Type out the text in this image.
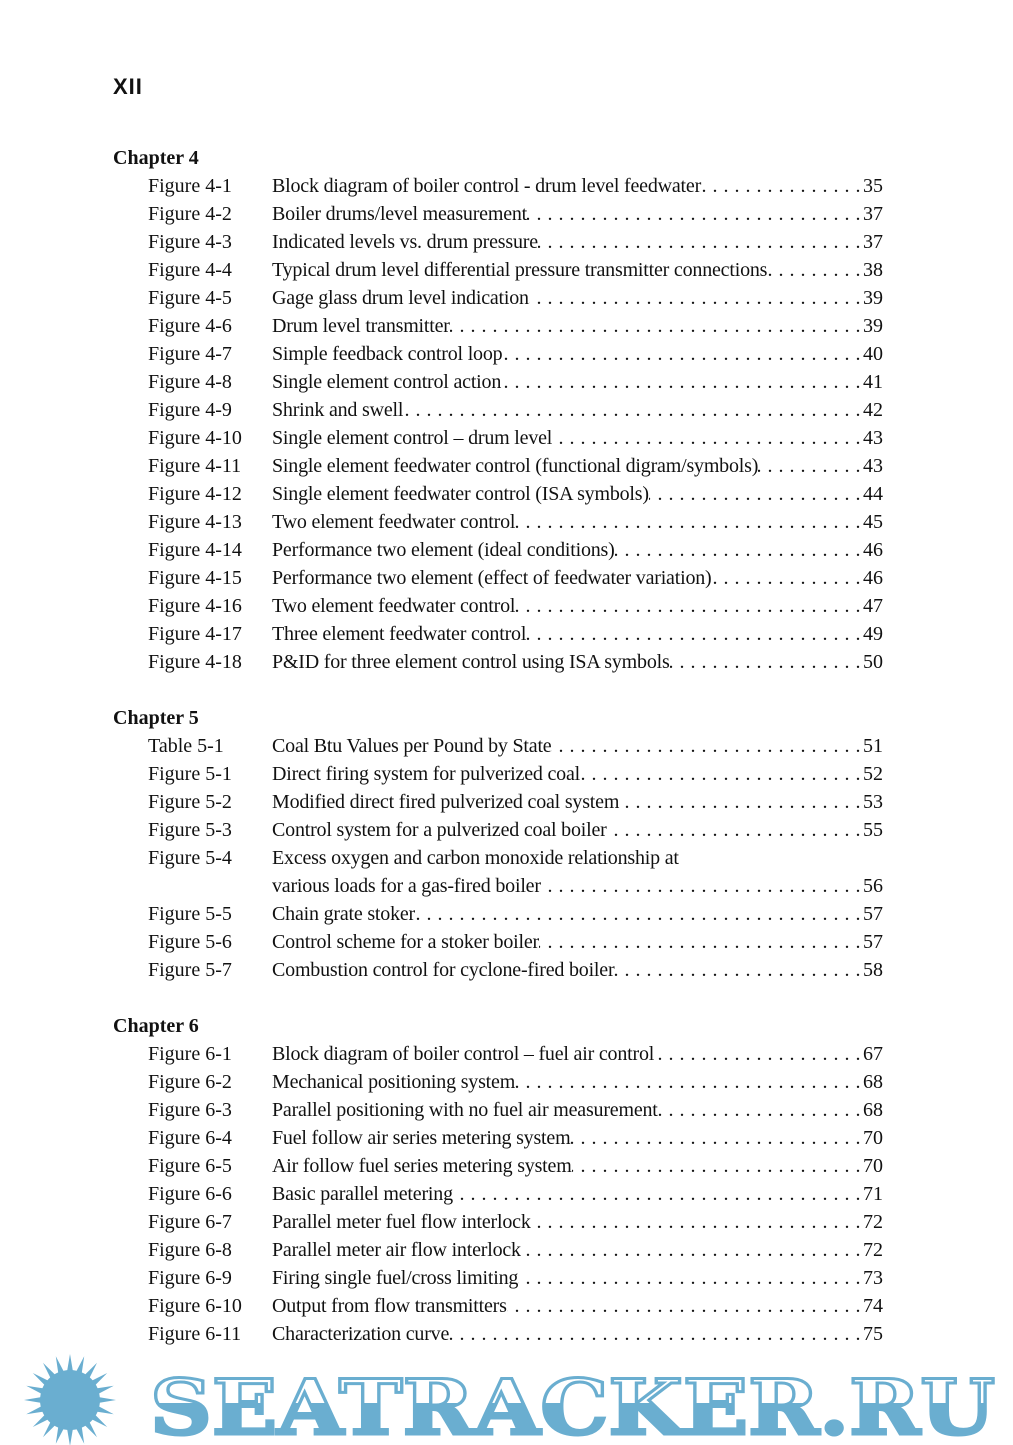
XII
Chapter 4
Figure 4-1	Block diagram of boiler control - drum level feedwater . . .	35
Figure 4-2	Boiler drums/level measurement . . .	37
Figure 4-3	Indicated levels vs. drum pressure . . .	37
Figure 4-4	Typical drum level differential pressure transmitter connections . . .	38
Figure 4-5	Gage glass drum level indication . . .	39
Figure 4-6	Drum level transmitter . . .	39
Figure 4-7	Simple feedback control loop . . .	40
Figure 4-8	Single element control action . . .	41
Figure 4-9	Shrink and swell . . .	42
Figure 4-10	Single element control – drum level . . .	43
Figure 4-11	Single element feedwater control (functional digram/symbols) . . .	43
Figure 4-12	Single element feedwater control (ISA symbols) . . .	44
Figure 4-13	Two element feedwater control . . .	45
Figure 4-14	Performance two element (ideal conditions) . . .	46
Figure 4-15	Performance two element (effect of feedwater variation) . . .	46
Figure 4-16	Two element feedwater control . . .	47
Figure 4-17	Three element feedwater control . . .	49
Figure 4-18	P&ID for three element control using ISA symbols . . .	50
Chapter 5
Table 5-1	Coal Btu Values per Pound by State . . .	51
Figure 5-1	Direct firing system for pulverized coal . . .	52
Figure 5-2	Modified direct fired pulverized coal system . . .	53
Figure 5-3	Control system for a pulverized coal boiler . . .	55
Figure 5-4	Excess oxygen and carbon monoxide relationship at
various loads for a gas-fired boiler . . .	56
Figure 5-5	Chain grate stoker . . .	57
Figure 5-6	Control scheme for a stoker boiler . . .	57
Figure 5-7	Combustion control for cyclone-fired boiler . . .	58
Chapter 6
Figure 6-1	Block diagram of boiler control – fuel air control . . .	67
Figure 6-2	Mechanical positioning system . . .	68
Figure 6-3	Parallel positioning with no fuel air measurement . . .	68
Figure 6-4	Fuel follow air series metering system . . .	70
Figure 6-5	Air follow fuel series metering system . . .	70
Figure 6-6	Basic parallel metering . . .	71
Figure 6-7	Parallel meter fuel flow interlock . . .	72
Figure 6-8	Parallel meter air flow interlock . . .	72
Figure 6-9	Firing single fuel/cross limiting . . .	73
Figure 6-10	Output from flow transmitters . . .	74
Figure 6-11	Characterization curve . . .	75
SEATRACKER.RU
